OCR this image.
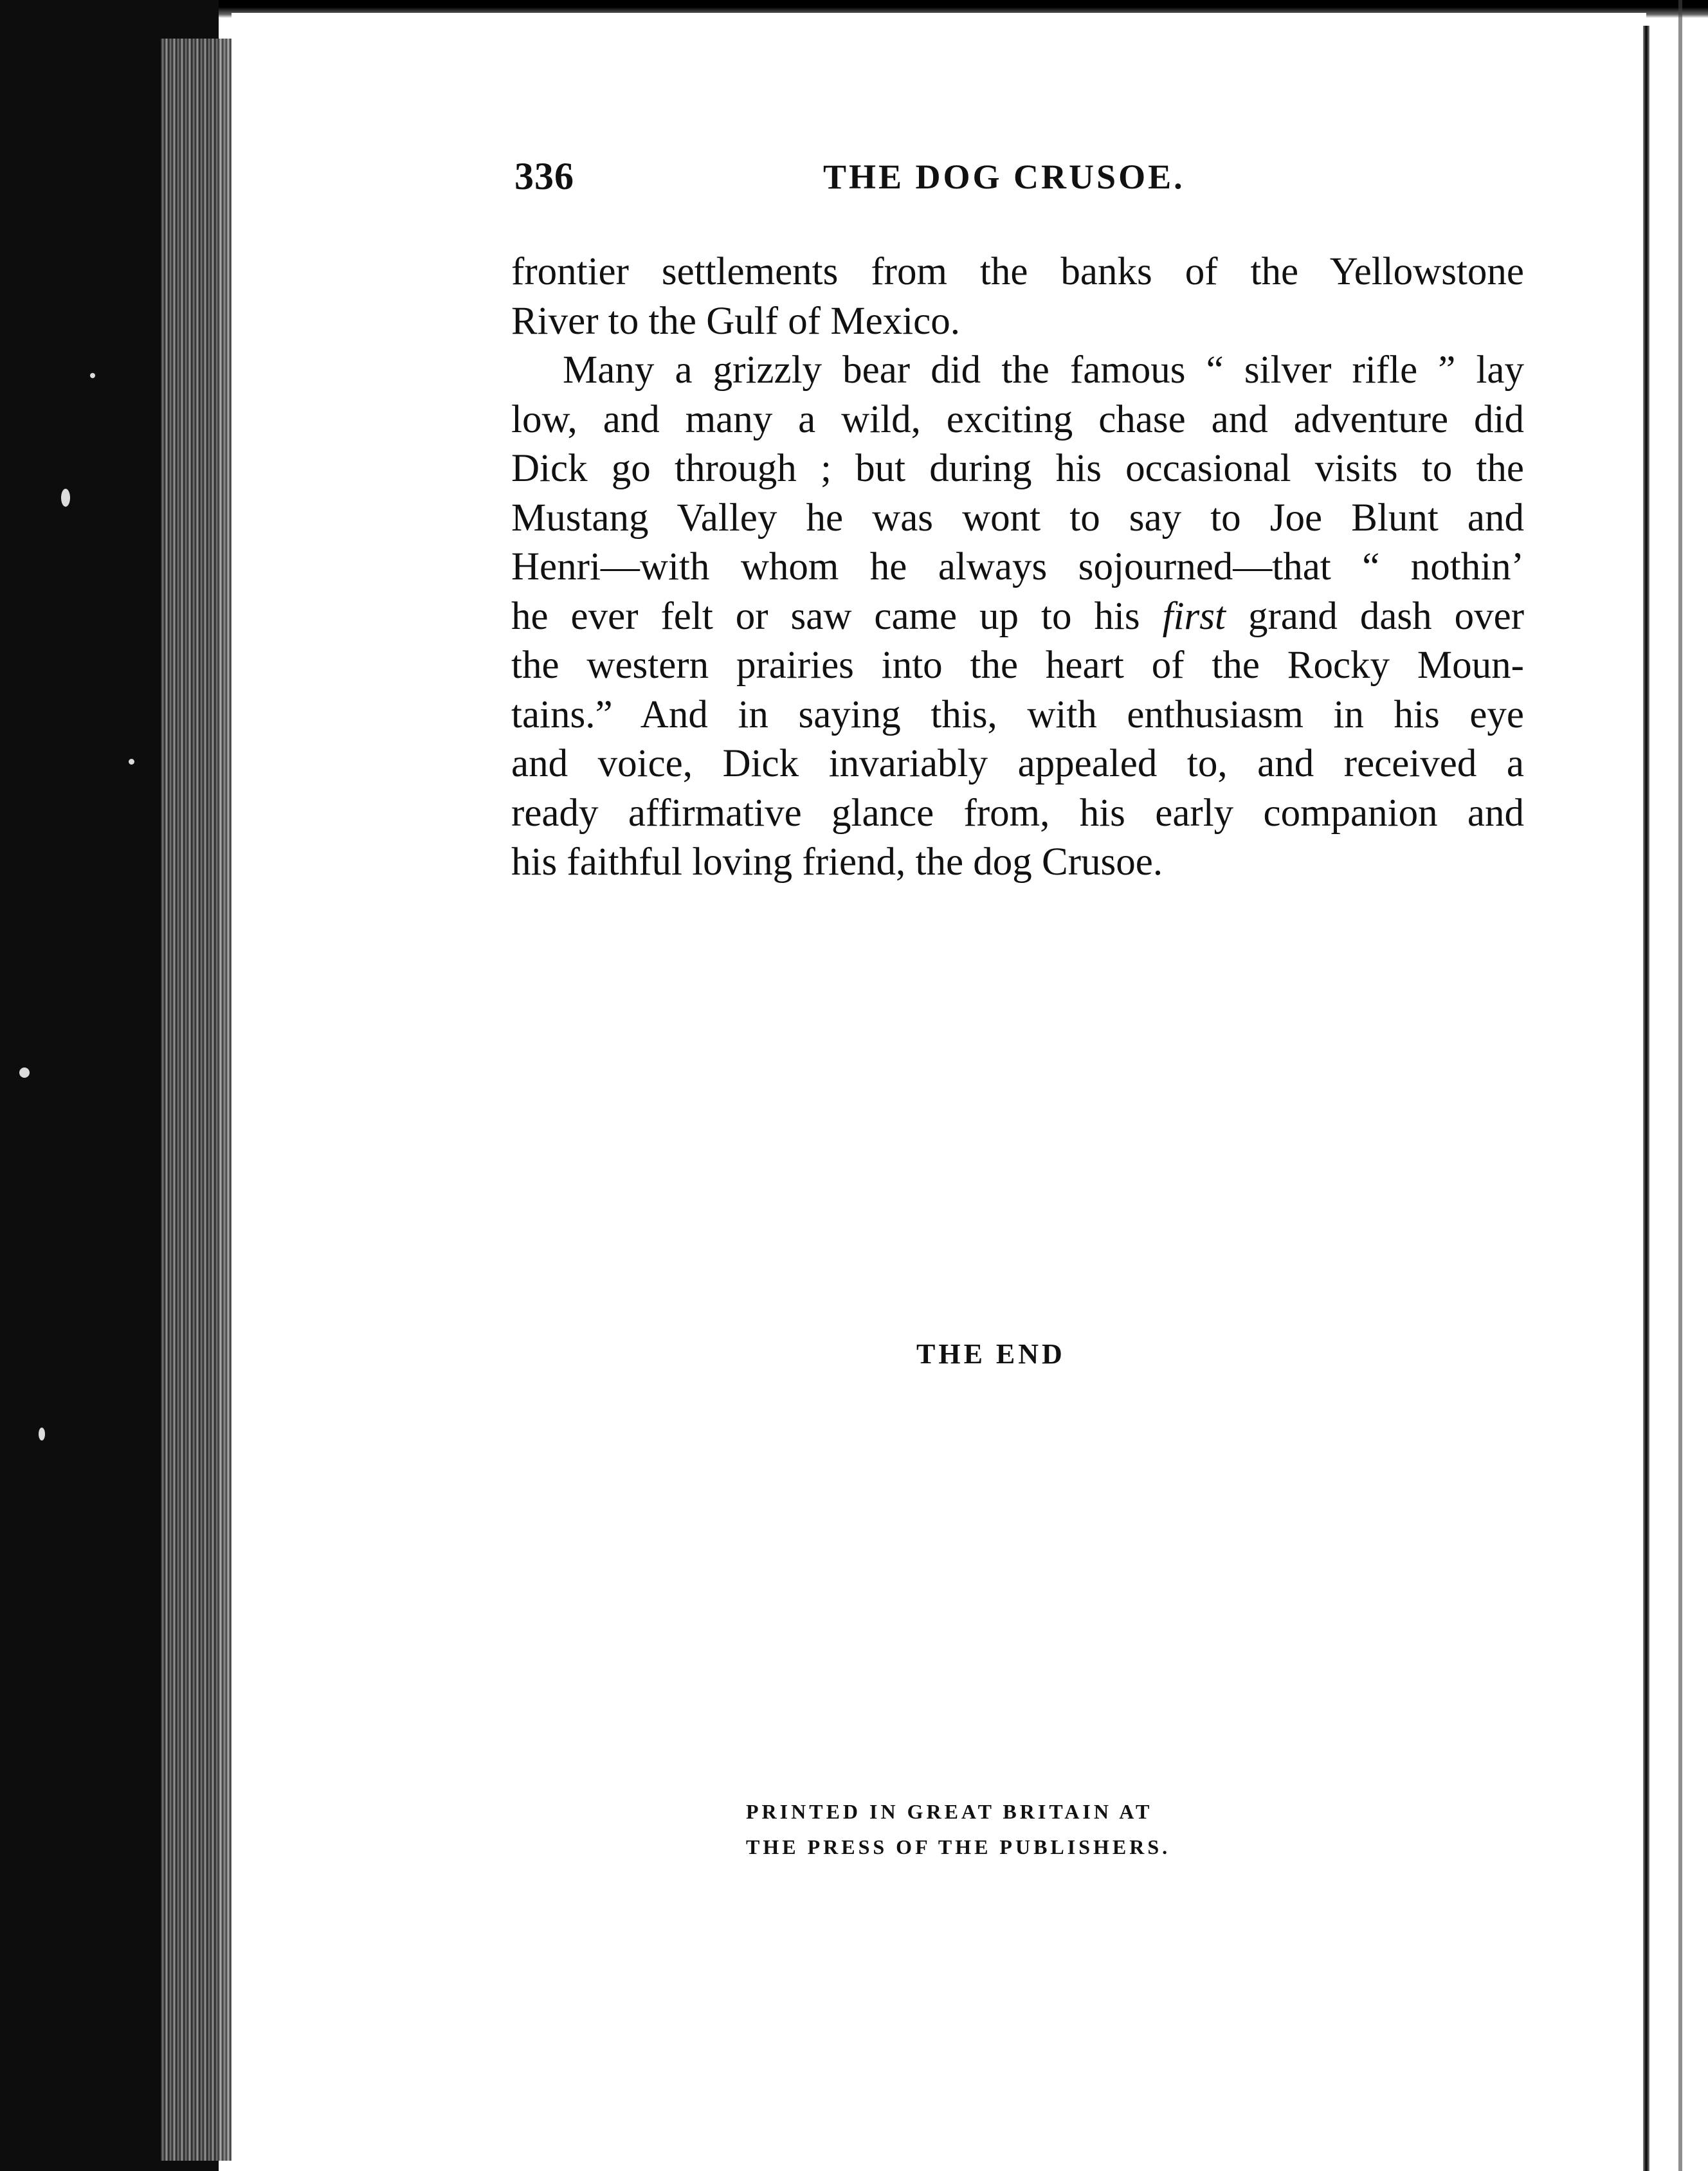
336	THE DOG CRUSOE.
frontier settlements from the banks of the Yellowstone
River to the Gulf of Mexico.
Many a grizzly bear did the famous “ silver rifle ” lay
low, and many a wild, exciting chase and adventure did
Dick go through ; but during his occasional visits to the
Mustang Valley he was wont to say to Joe Blunt and
Henri—with whom he always sojourned—that “ nothin’
he ever felt or saw came up to his first grand dash over
the western prairies into the heart of the Rocky Moun-
tains.” And in saying this, with enthusiasm in his eye
and voice, Dick invariably appealed to, and received a
ready affirmative glance from, his early companion and
his faithful loving friend, the dog Crusoe.
THE END
PRINTED IN GREAT BRITAIN AT
THE PRESS OF THE PUBLISHERS.
